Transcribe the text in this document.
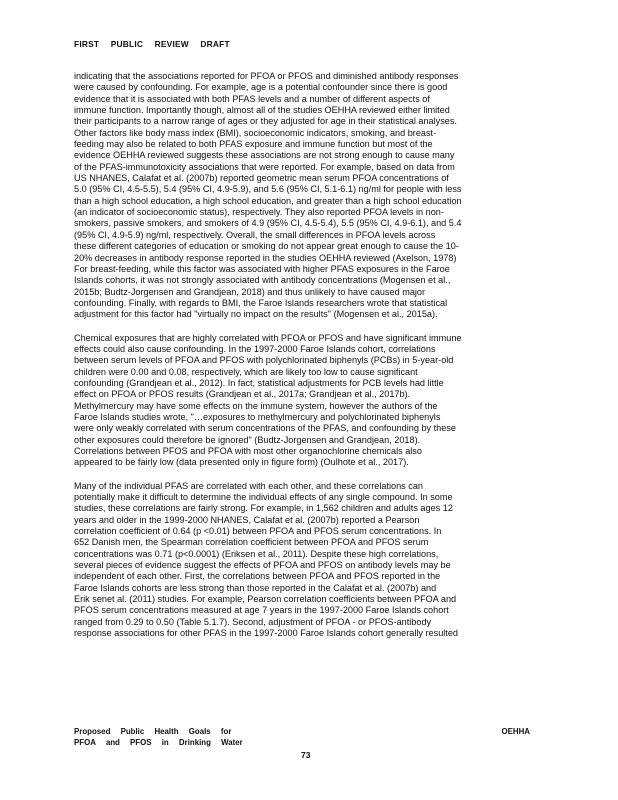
FIRST PUBLIC REVIEW DRAFT

indicating that the associations reported for PFOA or PFOS and diminished antibody responses
were caused by confounding. For example, age is a potential confounder since there is good
evidence that it is associated with both PFAS levels and a number of different aspects of
immune function. Importantly though, almost all of the studies OEHHA reviewed either limited
their participants to a narrow range of ages or they adjusted for age in their statistical analyses.
Other factors like body mass index (BMI), socioeconomic indicators, smoking, and breast-
feeding may also be related to both PFAS exposure and immune function but most of the
evidence OEHHA reviewed suggests these associations are not strong enough to cause many
of the PFAS-immunotoxicity associations that were reported. For example, based on data from
US NHANES, Calafat et al. (2007b) reported geometric mean serum PFOA concentrations of
5.0 (95% CI, 4.5-5.5), 5.4 (95% CI, 4.9-5.9), and 5.6 (95% CI, 5.1-6.1) ng/ml for people with less
than a high school education, a high school education, and greater than a high school education
(an indicator of socioeconomic status), respectively. They also reported PFOA levels in non-
smokers, passive smokers, and smokers of 4.9 (95% CI, 4.5-5.4), 5.5 (95% CI, 4.9-6.1), and 5.4
(95% CI, 4.9-5.9) ng/ml, respectively. Overall, the small differences in PFOA levels across
these different categories of education or smoking do not appear great enough to cause the 10-
20% decreases in antibody response reported in the studies OEHHA reviewed (Axelson, 1978)
For breast-feeding, while this factor was associated with higher PFAS exposures in the Faroe
Islands cohorts, it was not strongly associated with antibody concentrations (Mogensen et al.,
2015b; Budtz-Jorgensen and Grandjean, 2018) and thus unlikely to have caused major
confounding. Finally, with regards to BMI, the Faroe Islands researchers wrote that statistical
adjustment for this factor had "virtually no impact on the results" (Mogensen et al., 2015a).

Chemical exposures that are highly correlated with PFOA or PFOS and have significant immune
effects could also cause confounding. In the 1997-2000 Faroe Islands cohort, correlations
between serum levels of PFOA and PFOS with polychlorinated biphenyls (PCBs) in 5-year-old
children were 0.00 and 0.08, respectively, which are likely too low to cause significant
confounding (Grandjean et al., 2012). In fact, statistical adjustments for PCB levels had little
effect on PFOA or PFOS results (Grandjean et al., 2017a; Grandjean et al., 2017b).
Methylmercury may have some effects on the immune system, however the authors of the
Faroe Islands studies wrote, "…exposures to methylmercury and polychlorinated biphenyls
were only weakly correlated with serum concentrations of the PFAS, and confounding by these
other exposures could therefore be ignored" (Budtz-Jorgensen and Grandjean, 2018).
Correlations between PFOS and PFOA with most other organochlorine chemicals also
appeared to be fairly low (data presented only in figure form) (Oulhote et al., 2017).

Many of the individual PFAS are correlated with each other, and these correlations can
potentially make it difficult to determine the individual effects of any single compound. In some
studies, these correlations are fairly strong. For example, in 1,562 children and adults ages 12
years and older in the 1999-2000 NHANES, Calafat et al. (2007b) reported a Pearson
correlation coefficient of 0.64 (p <0.01) between PFOA and PFOS serum concentrations. In
652 Danish men, the Spearman correlation coefficient between PFOA and PFOS serum
concentrations was 0.71 (p<0.0001) (Eriksen et al., 2011). Despite these high correlations,
several pieces of evidence suggest the effects of PFOA and PFOS on antibody levels may be
independent of each other. First, the correlations between PFOA and PFOS reported in the
Faroe Islands cohorts are less strong than those reported in the Calafat et al. (2007b) and
Erik senet al. (2011) studies. For example, Pearson correlation coefficients between PFOA and
PFOS serum concentrations measured at age 7 years in the 1997-2000 Faroe Islands cohort
ranged from 0.29 to 0.50 (Table 5.1.7). Second, adjustment of PFOA - or PFOS-antibody
response associations for other PFAS in the 1997-2000 Faroe Islands cohort generally resulted

Proposed Public Health Goals for
PFOA and PFOS in Drinking Water
OEHHA
73
